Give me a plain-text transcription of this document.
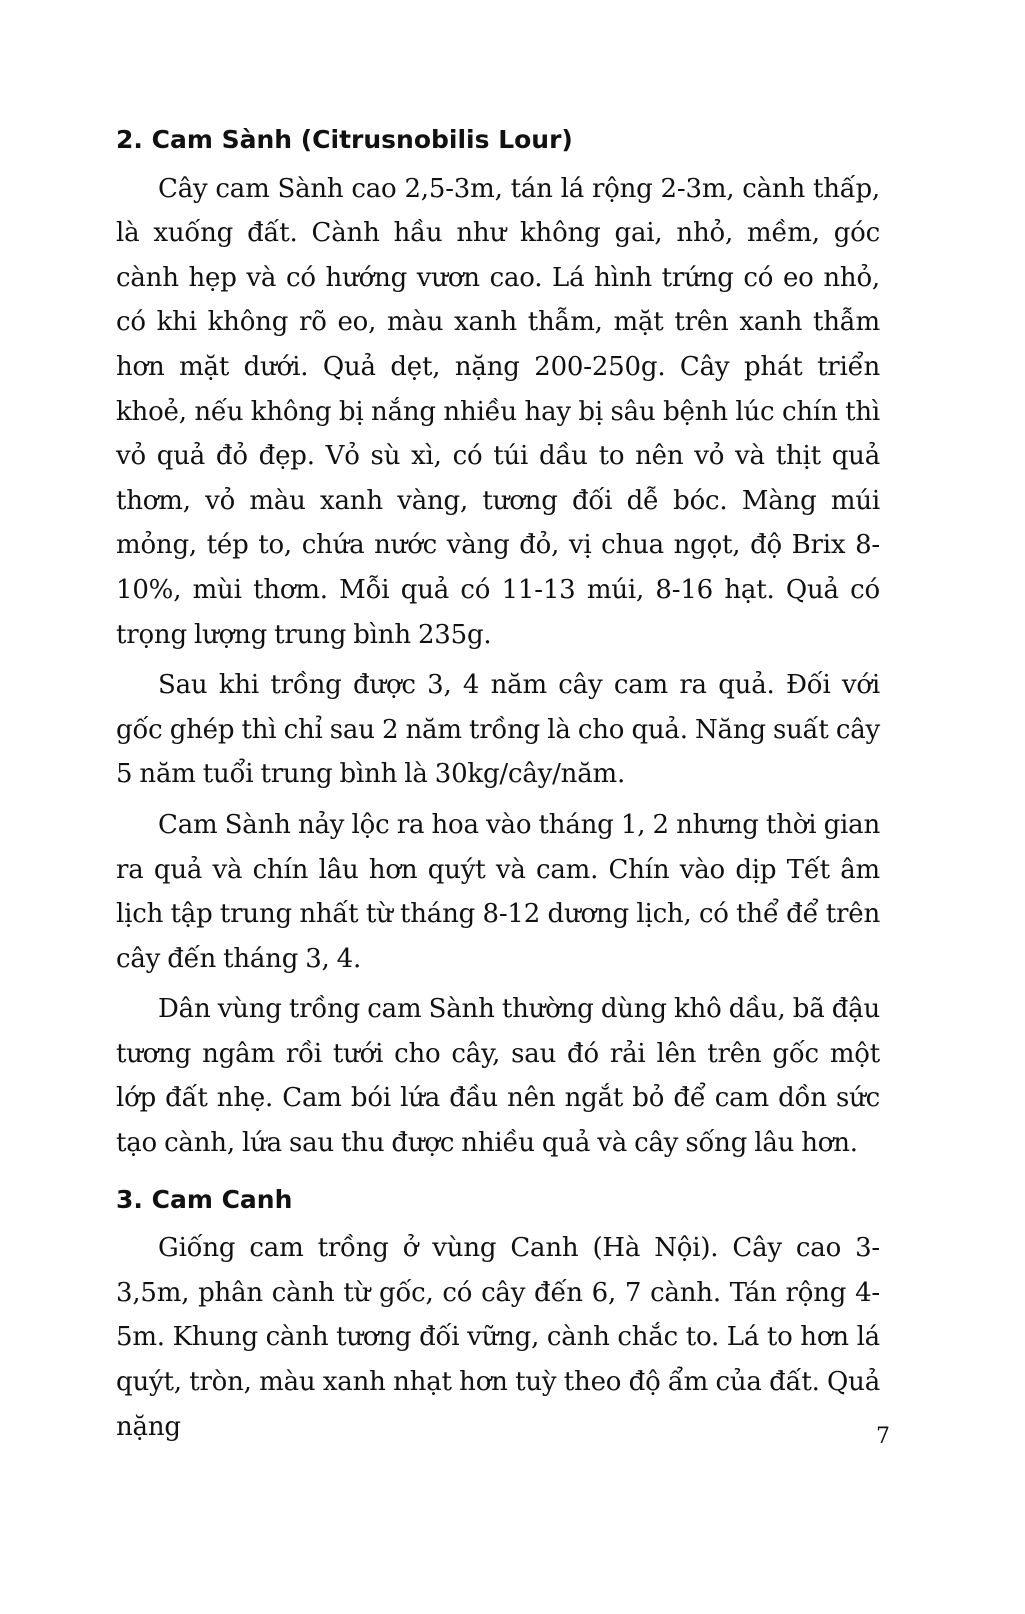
2. Cam Sành (Citrusnobilis Lour)

Cây cam Sành cao 2,5-3m, tán lá rộng 2-3m, cành thấp, là xuống đất. Cành hầu như không gai, nhỏ, mềm, góc cành hẹp và có hướng vươn cao. Lá hình trứng có eo nhỏ, có khi không rõ eo, màu xanh thẫm, mặt trên xanh thẫm hơn mặt dưới. Quả dẹt, nặng 200-250g. Cây phát triển khoẻ, nếu không bị nắng nhiều hay bị sâu bệnh lúc chín thì vỏ quả đỏ đẹp. Vỏ sù xì, có túi dầu to nên vỏ và thịt quả thơm, vỏ màu xanh vàng, tương đối dễ bóc. Màng múi mỏng, tép to, chứa nước vàng đỏ, vị chua ngọt, độ Brix 8-10%, mùi thơm. Mỗi quả có 11-13 múi, 8-16 hạt. Quả có trọng lượng trung bình 235g.

Sau khi trồng được 3, 4 năm cây cam ra quả. Đối với gốc ghép thì chỉ sau 2 năm trồng là cho quả. Năng suất cây 5 năm tuổi trung bình là 30kg/cây/năm.

Cam Sành nảy lộc ra hoa vào tháng 1, 2 nhưng thời gian ra quả và chín lâu hơn quýt và cam. Chín vào dịp Tết âm lịch tập trung nhất từ tháng 8-12 dương lịch, có thể để trên cây đến tháng 3, 4.

Dân vùng trồng cam Sành thường dùng khô dầu, bã đậu tương ngâm rồi tưới cho cây, sau đó rải lên trên gốc một lớp đất nhẹ. Cam bói lứa đầu nên ngắt bỏ để cam dồn sức tạo cành, lứa sau thu được nhiều quả và cây sống lâu hơn.

3. Cam Canh

Giống cam trồng ở vùng Canh (Hà Nội). Cây cao 3-3,5m, phân cành từ gốc, có cây đến 6, 7 cành. Tán rộng 4-5m. Khung cành tương đối vững, cành chắc to. Lá to hơn lá quýt, tròn, màu xanh nhạt hơn tuỳ theo độ ẩm của đất. Quả nặng	7
